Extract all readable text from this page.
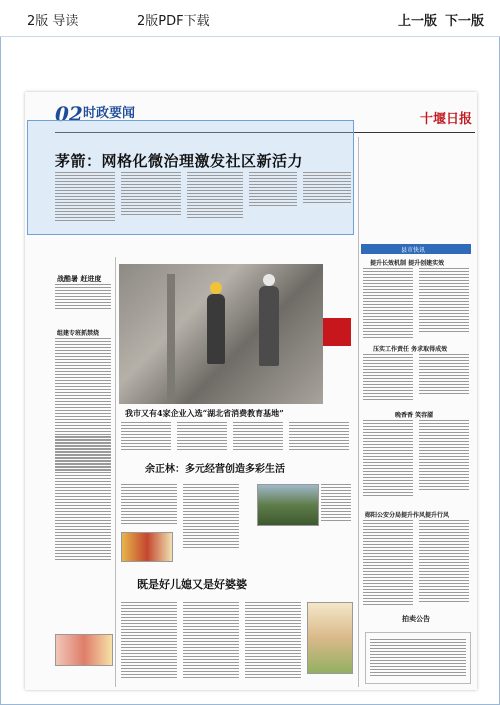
2版 导读	2版PDF下载	上一版 下一版
02 时政要闻	十堰日报
茅箭：网格化微治理激发社区新活力
县市快讯
提升长效机制 提升创建实效
压实工作责任 务求取得成效
晚香香 笑容靥
郧阳公安分局提升作风提升行风
拍卖公告
战酷暑 赶进度
组建专班抓禁烧
我市又有4家企业入选“湖北省消费教育基地”
余正林：多元经营创造多彩生活
既是好儿媳又是好婆婆
